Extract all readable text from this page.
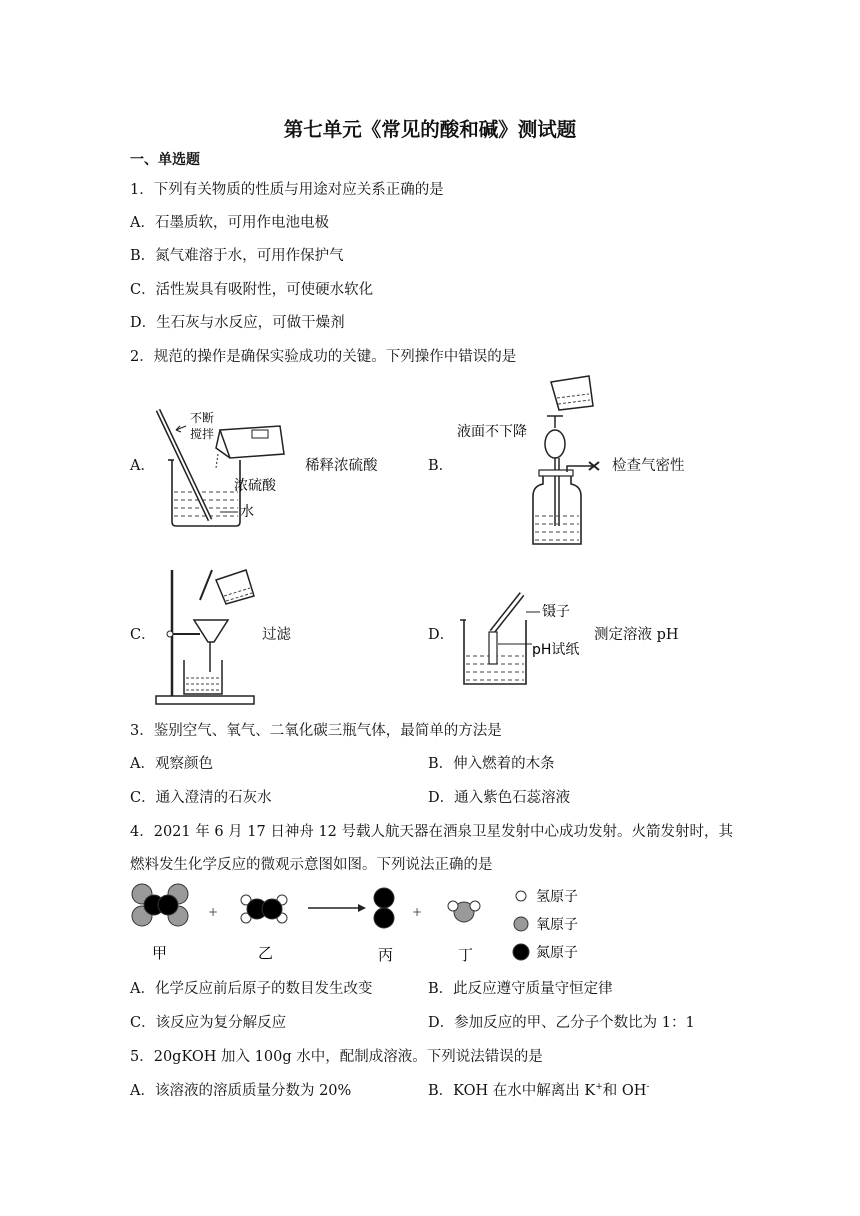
第七单元《常见的酸和碱》测试题
一、单选题
1．下列有关物质的性质与用途对应关系正确的是
A．石墨质软，可用作电池电极
B．氮气难溶于水，可用作保护气
C．活性炭具有吸附性，可使硬水软化
D．生石灰与水反应，可做干燥剂
2．规范的操作是确保实验成功的关键。下列操作中错误的是
A．	稀释浓硫酸
不断
搅拌
浓硫酸
水
B．	检查气密性
液面不下降
C．	过滤	D．	测定溶液 pH
镊子
pH试纸
3．鉴别空气、氧气、二氧化碳三瓶气体，最简单的方法是
A．观察颜色	B．伸入燃着的木条
C．通入澄清的石灰水	D．通入紫色石蕊溶液
4．2021 年 6 月 17 日神舟 12 号载人航天器在酒泉卫星发射中心成功发射。火箭发射时，其
燃料发生化学反应的微观示意图如图。下列说法正确的是
+	+
甲	乙	丙	丁
氢原子
氧原子
氮原子
A．化学反应前后原子的数目发生改变	B．此反应遵守质量守恒定律
C．该反应为复分解反应	D．参加反应的甲、乙分子个数比为 1：1
5．20gKOH 加入 100g 水中，配制成溶液。下列说法错误的是
A．该溶液的溶质质量分数为 20%	B．KOH 在水中解离出 K+和 OH-
